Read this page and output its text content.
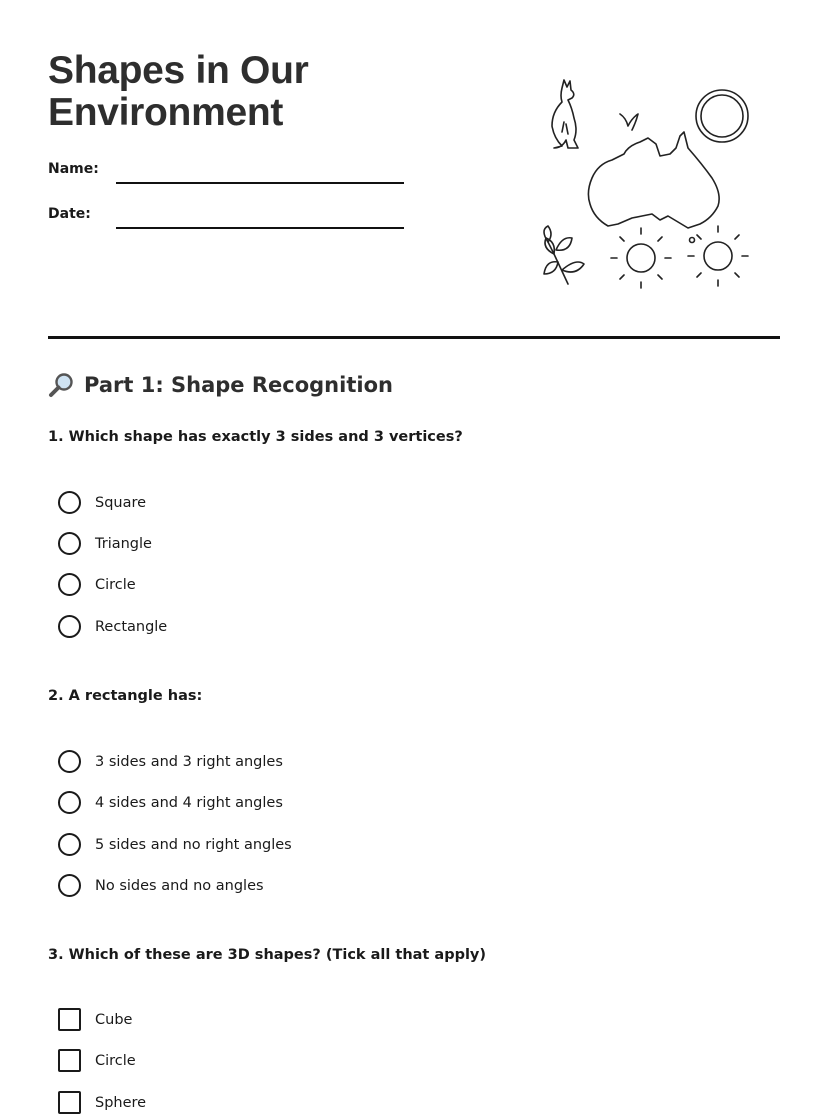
Shapes in Our
Environment
Name:
Date:
Part 1: Shape Recognition

1. Which shape has exactly 3 sides and 3 vertices?

Square
Triangle
Circle
Rectangle

2. A rectangle has:

3 sides and 3 right angles
4 sides and 4 right angles
5 sides and no right angles
No sides and no angles

3. Which of these are 3D shapes? (Tick all that apply)

Cube
Circle
Sphere
